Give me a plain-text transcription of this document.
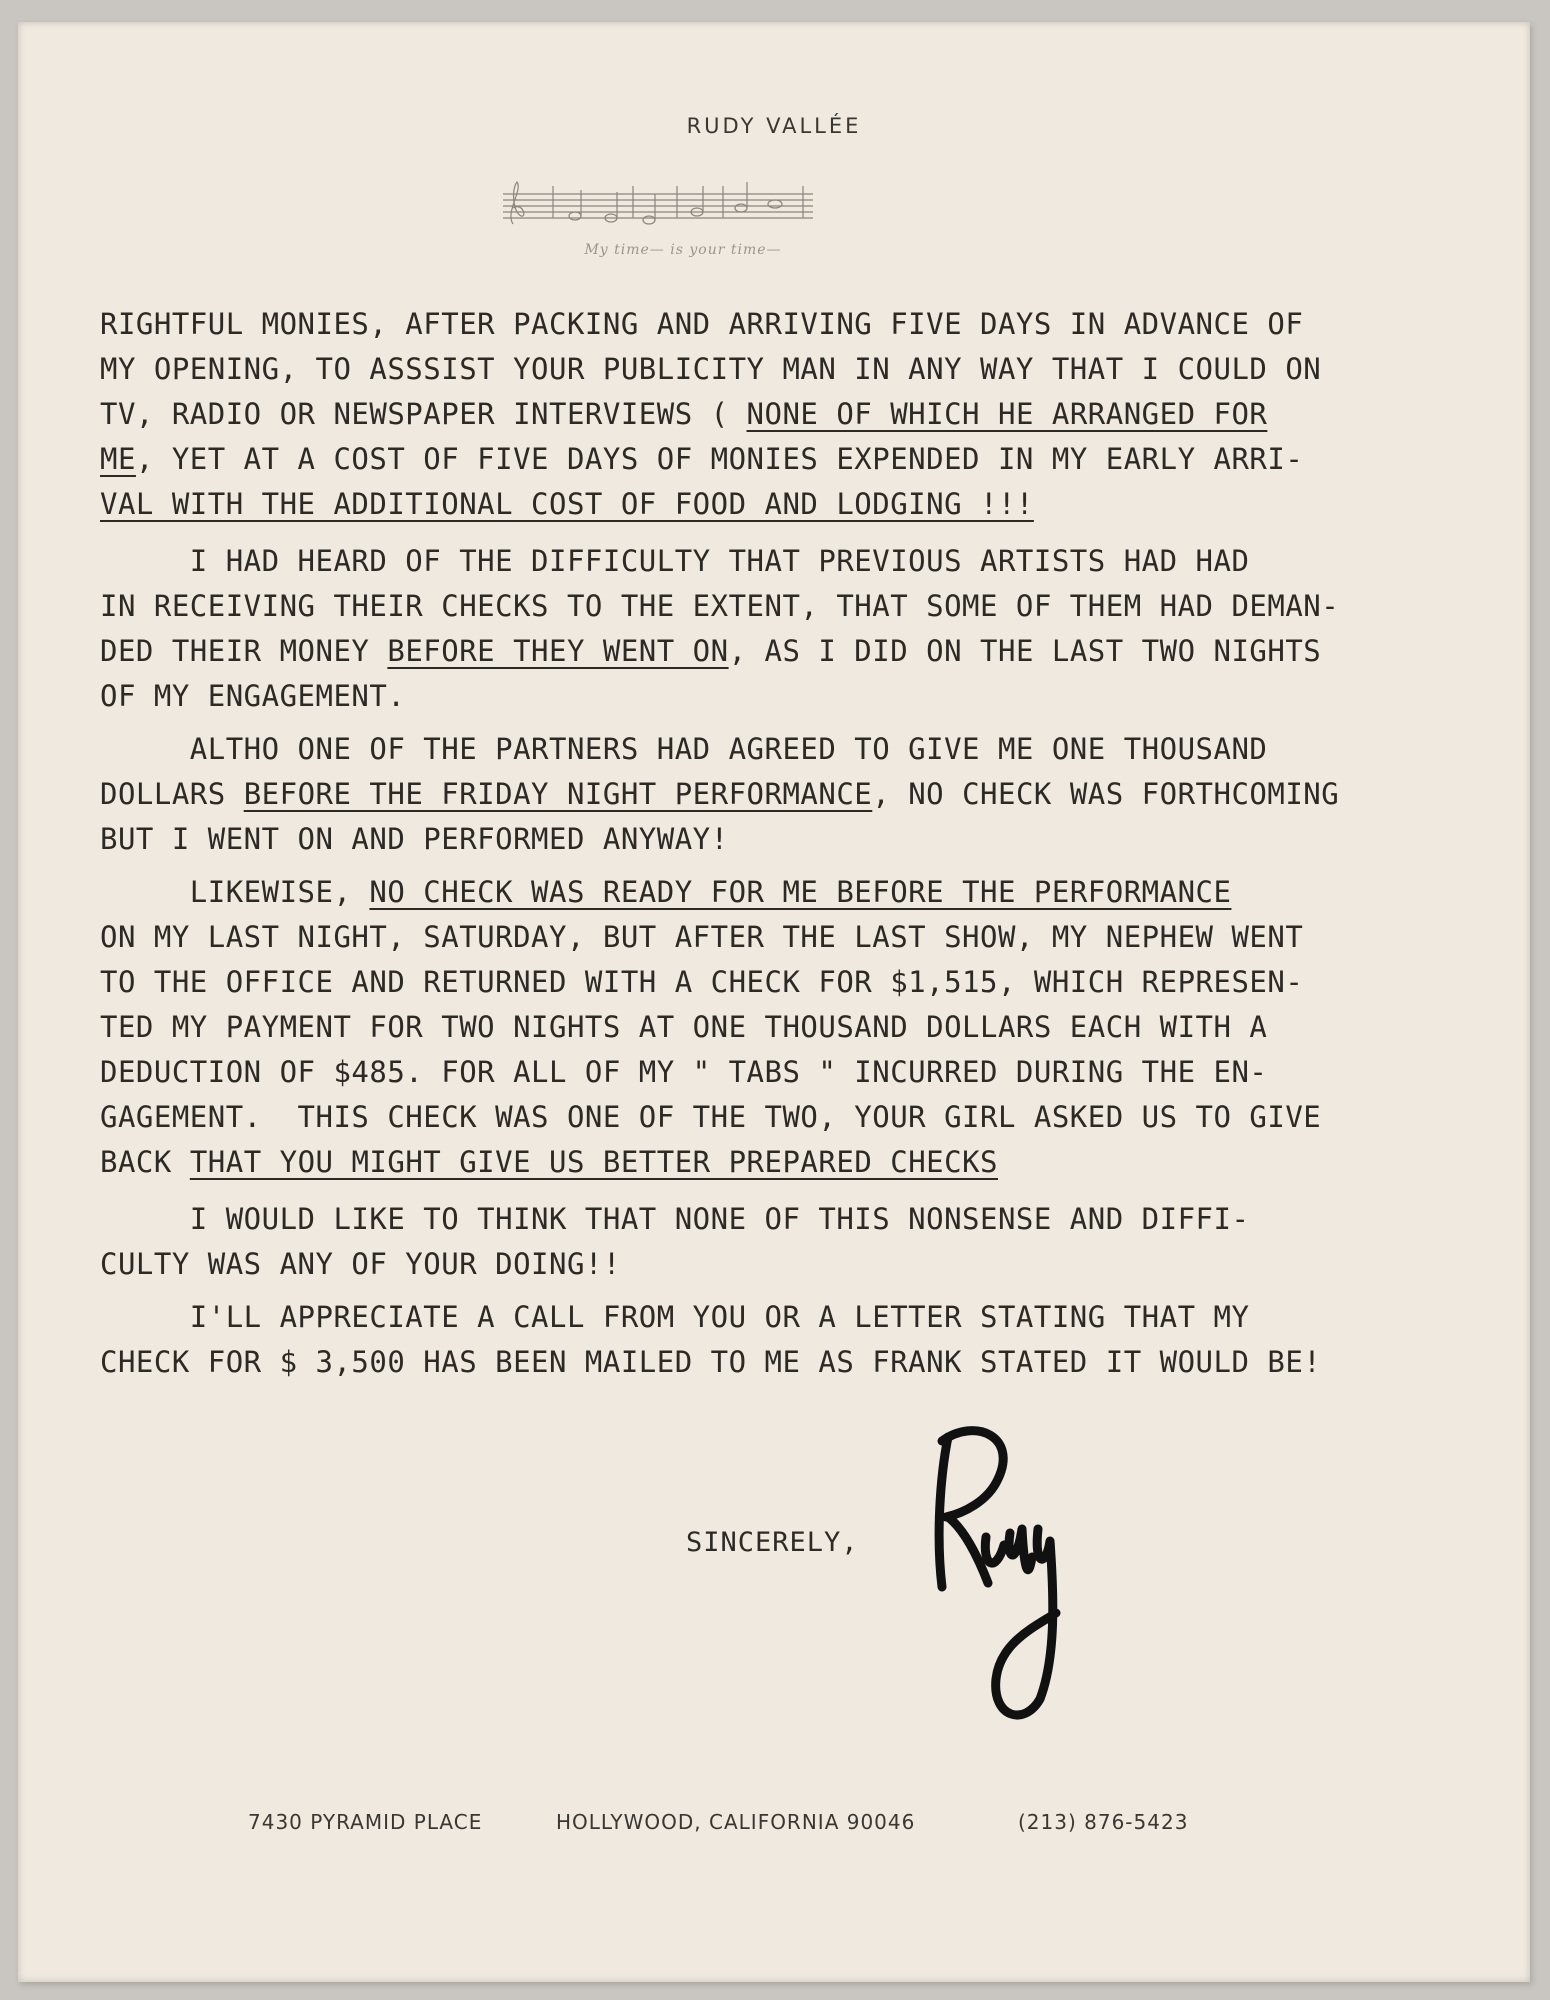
RUDY VALLÉE
My time— is your time—

RIGHTFUL MONIES, AFTER PACKING AND ARRIVING FIVE DAYS IN ADVANCE OF

MY OPENING, TO ASSSIST YOUR PUBLICITY MAN IN ANY WAY THAT I COULD ON

TV, RADIO OR NEWSPAPER INTERVIEWS ( NONE OF WHICH HE ARRANGED FOR

ME, YET AT A COST OF FIVE DAYS OF MONIES EXPENDED IN MY EARLY ARRI-

VAL WITH THE ADDITIONAL COST OF FOOD AND LODGING !!!

I HAD HEARD OF THE DIFFICULTY THAT PREVIOUS ARTISTS HAD HAD

IN RECEIVING THEIR CHECKS TO THE EXTENT, THAT SOME OF THEM HAD DEMAN-

DED THEIR MONEY BEFORE THEY WENT ON, AS I DID ON THE LAST TWO NIGHTS

OF MY ENGAGEMENT.

ALTHO ONE OF THE PARTNERS HAD AGREED TO GIVE ME ONE THOUSAND

DOLLARS BEFORE THE FRIDAY NIGHT PERFORMANCE, NO CHECK WAS FORTHCOMING

BUT I WENT ON AND PERFORMED ANYWAY!

LIKEWISE, NO CHECK WAS READY FOR ME BEFORE THE PERFORMANCE

ON MY LAST NIGHT, SATURDAY, BUT AFTER THE LAST SHOW, MY NEPHEW WENT

TO THE OFFICE AND RETURNED WITH A CHECK FOR $1,515, WHICH REPRESEN-

TED MY PAYMENT FOR TWO NIGHTS AT ONE THOUSAND DOLLARS EACH WITH A

DEDUCTION OF $485. FOR ALL OF MY " TABS " INCURRED DURING THE EN-

GAGEMENT.  THIS CHECK WAS ONE OF THE TWO, YOUR GIRL ASKED US TO GIVE

BACK THAT YOU MIGHT GIVE US BETTER PREPARED CHECKS

I WOULD LIKE TO THINK THAT NONE OF THIS NONSENSE AND DIFFI-

CULTY WAS ANY OF YOUR DOING!!

I'LL APPRECIATE A CALL FROM YOU OR A LETTER STATING THAT MY

CHECK FOR $ 3,500 HAS BEEN MAILED TO ME AS FRANK STATED IT WOULD BE!

SINCERELY,
7430 PYRAMID PLACE	HOLLYWOOD, CALIFORNIA 90046	(213) 876-5423
